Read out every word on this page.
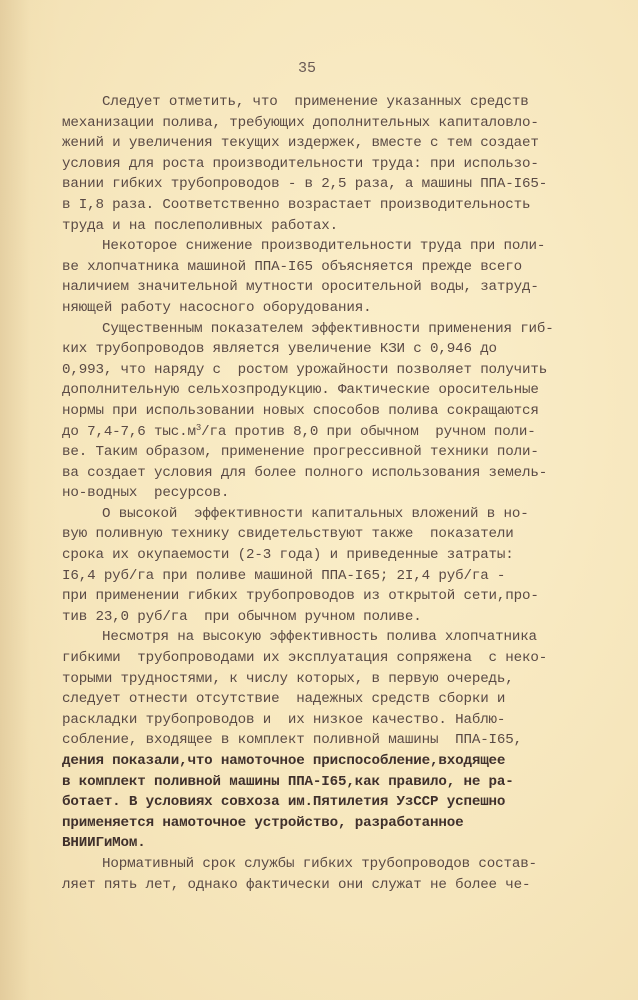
35
Следует отметить, что  применение указанных средств
механизации полива, требующих дополнительных капиталовло-
жений и увеличения текущих издержек, вместе с тем создает
условия для роста производительности труда: при использо-
вании гибких трубопроводов - в 2,5 раза, а машины ППА-I65-
в I,8 раза. Соответственно возрастает производительность
труда и на послеполивных работах.
Некоторое снижение производительности труда при поли-
ве хлопчатника машиной ППА-I65 объясняется прежде всего
наличием значительной мутности оросительной воды, затруд-
няющей работу насосного оборудования.
Существенным показателем эффективности применения гиб-
ких трубопроводов является увеличение КЗИ с 0,946 до
0,993, что наряду с  ростом урожайности позволяет получить
дополнительную сельхозпродукцию. Фактические оросительные
нормы при использовании новых способов полива сокращаются
до 7,4-7,6 $тыс.м^3/га$ против 8,0 при обычном  ручном поли-
ве. Таким образом, применение прогрессивной техники поли-
ва создает условия для более полного использования земель-
но-водных  ресурсов.
О высокой  эффективности капитальных вложений в но-
вую поливную технику свидетельствуют также  показатели
срока их окупаемости (2-3 года) и приведенные затраты:
I6,4 руб/га при поливе машиной ППА-I65; 2I,4 руб/га -
при применении гибких трубопроводов из открытой сети,про-
тив 23,0 руб/га  при обычном ручном поливе.
Несмотря на высокую эффективность полива хлопчатника
гибкими  трубопроводами их эксплуатация сопряжена  с неко-
торыми трудностями, к числу которых, в первую очередь,
следует отнести отсутствие  надежных средств сборки и
раскладки трубопроводов и  их низкое качество. Наблю-
собление, входящее в комплект поливной машины  ППА-I65,
дения показали,что намоточное приспособление,входящее
в комплект поливной машины ППА-I65,как правило, не ра-
ботает. В условиях совхоза им.Пятилетия УзССР успешно
применяется намоточное устройство, разработанное
ВНИИГиМом.
Нормативный срок службы гибких трубопроводов состав-
ляет пять лет, однако фактически они служат не более че-
